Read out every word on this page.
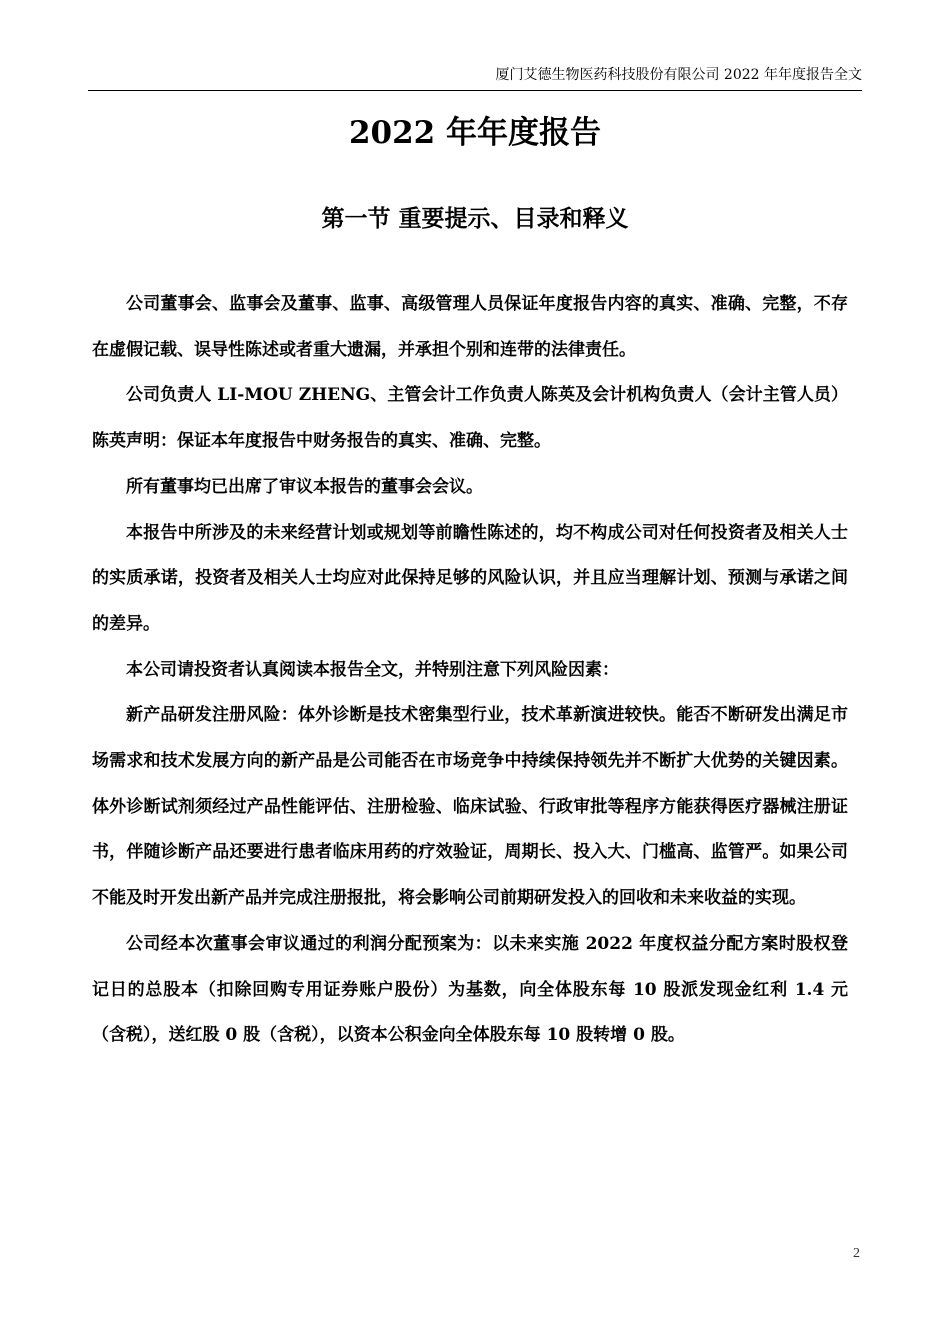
厦门艾德生物医药科技股份有限公司 2022 年年度报告全文
2022 年年度报告
第一节 重要提示、目录和释义

公司董事会、监事会及董事、监事、高级管理人员保证年度报告内容的真实、准确、完整，不存在虚假记载、误导性陈述或者重大遗漏，并承担个别和连带的法律责任。

公司负责人 LI-MOU ZHENG、主管会计工作负责人陈英及会计机构负责人（会计主管人员）陈英声明：保证本年度报告中财务报告的真实、准确、完整。

所有董事均已出席了审议本报告的董事会会议。

本报告中所涉及的未来经营计划或规划等前瞻性陈述的，均不构成公司对任何投资者及相关人士的实质承诺，投资者及相关人士均应对此保持足够的风险认识，并且应当理解计划、预测与承诺之间的差异。

本公司请投资者认真阅读本报告全文，并特别注意下列风险因素：

新产品研发注册风险：体外诊断是技术密集型行业，技术革新演进较快。能否不断研发出满足市场需求和技术发展方向的新产品是公司能否在市场竞争中持续保持领先并不断扩大优势的关键因素。体外诊断试剂须经过产品性能评估、注册检验、临床试验、行政审批等程序方能获得医疗器械注册证书，伴随诊断产品还要进行患者临床用药的疗效验证，周期长、投入大、门槛高、监管严。如果公司不能及时开发出新产品并完成注册报批，将会影响公司前期研发投入的回收和未来收益的实现。

公司经本次董事会审议通过的利润分配预案为：以未来实施 2022 年度权益分配方案时股权登记日的总股本（扣除回购专用证券账户股份）为基数，向全体股东每 10 股派发现金红利 1.4 元（含税），送红股 0 股（含税），以资本公积金向全体股东每 10 股转增 0 股。

2
